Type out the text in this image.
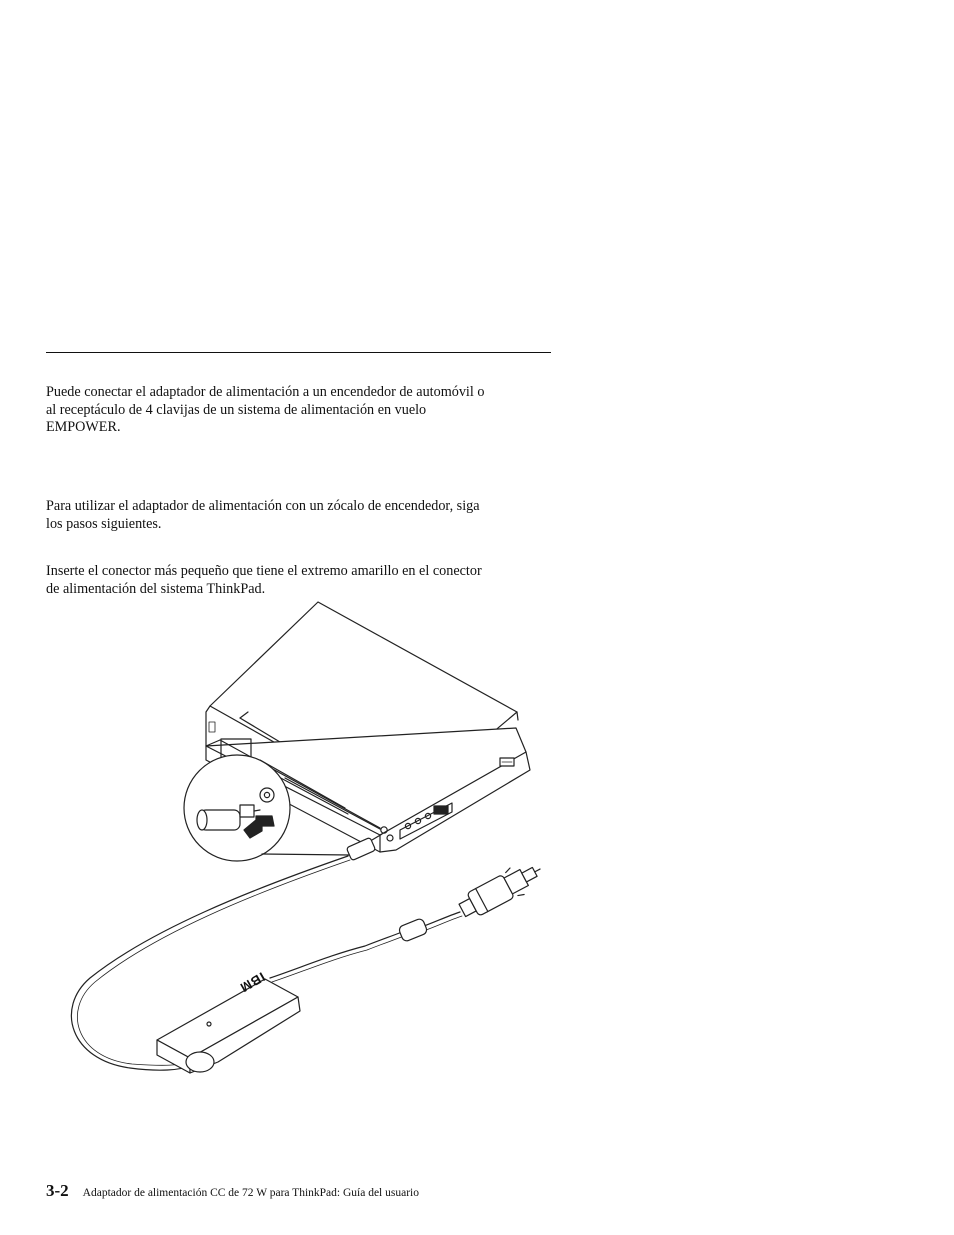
Puede conectar el adaptador de alimentación a un encendedor de automóvil o
al receptáculo de 4 clavijas de un sistema de alimentación en vuelo
EMPOWER.

Para utilizar el adaptador de alimentación con un zócalo de encendedor, siga
los pasos siguientes.

Inserte el conector más pequeño que tiene el extremo amarillo en el conector
de alimentación del sistema ThinkPad.

IBM
3-2 Adaptador de alimentación CC de 72 W para ThinkPad: Guía del usuario
